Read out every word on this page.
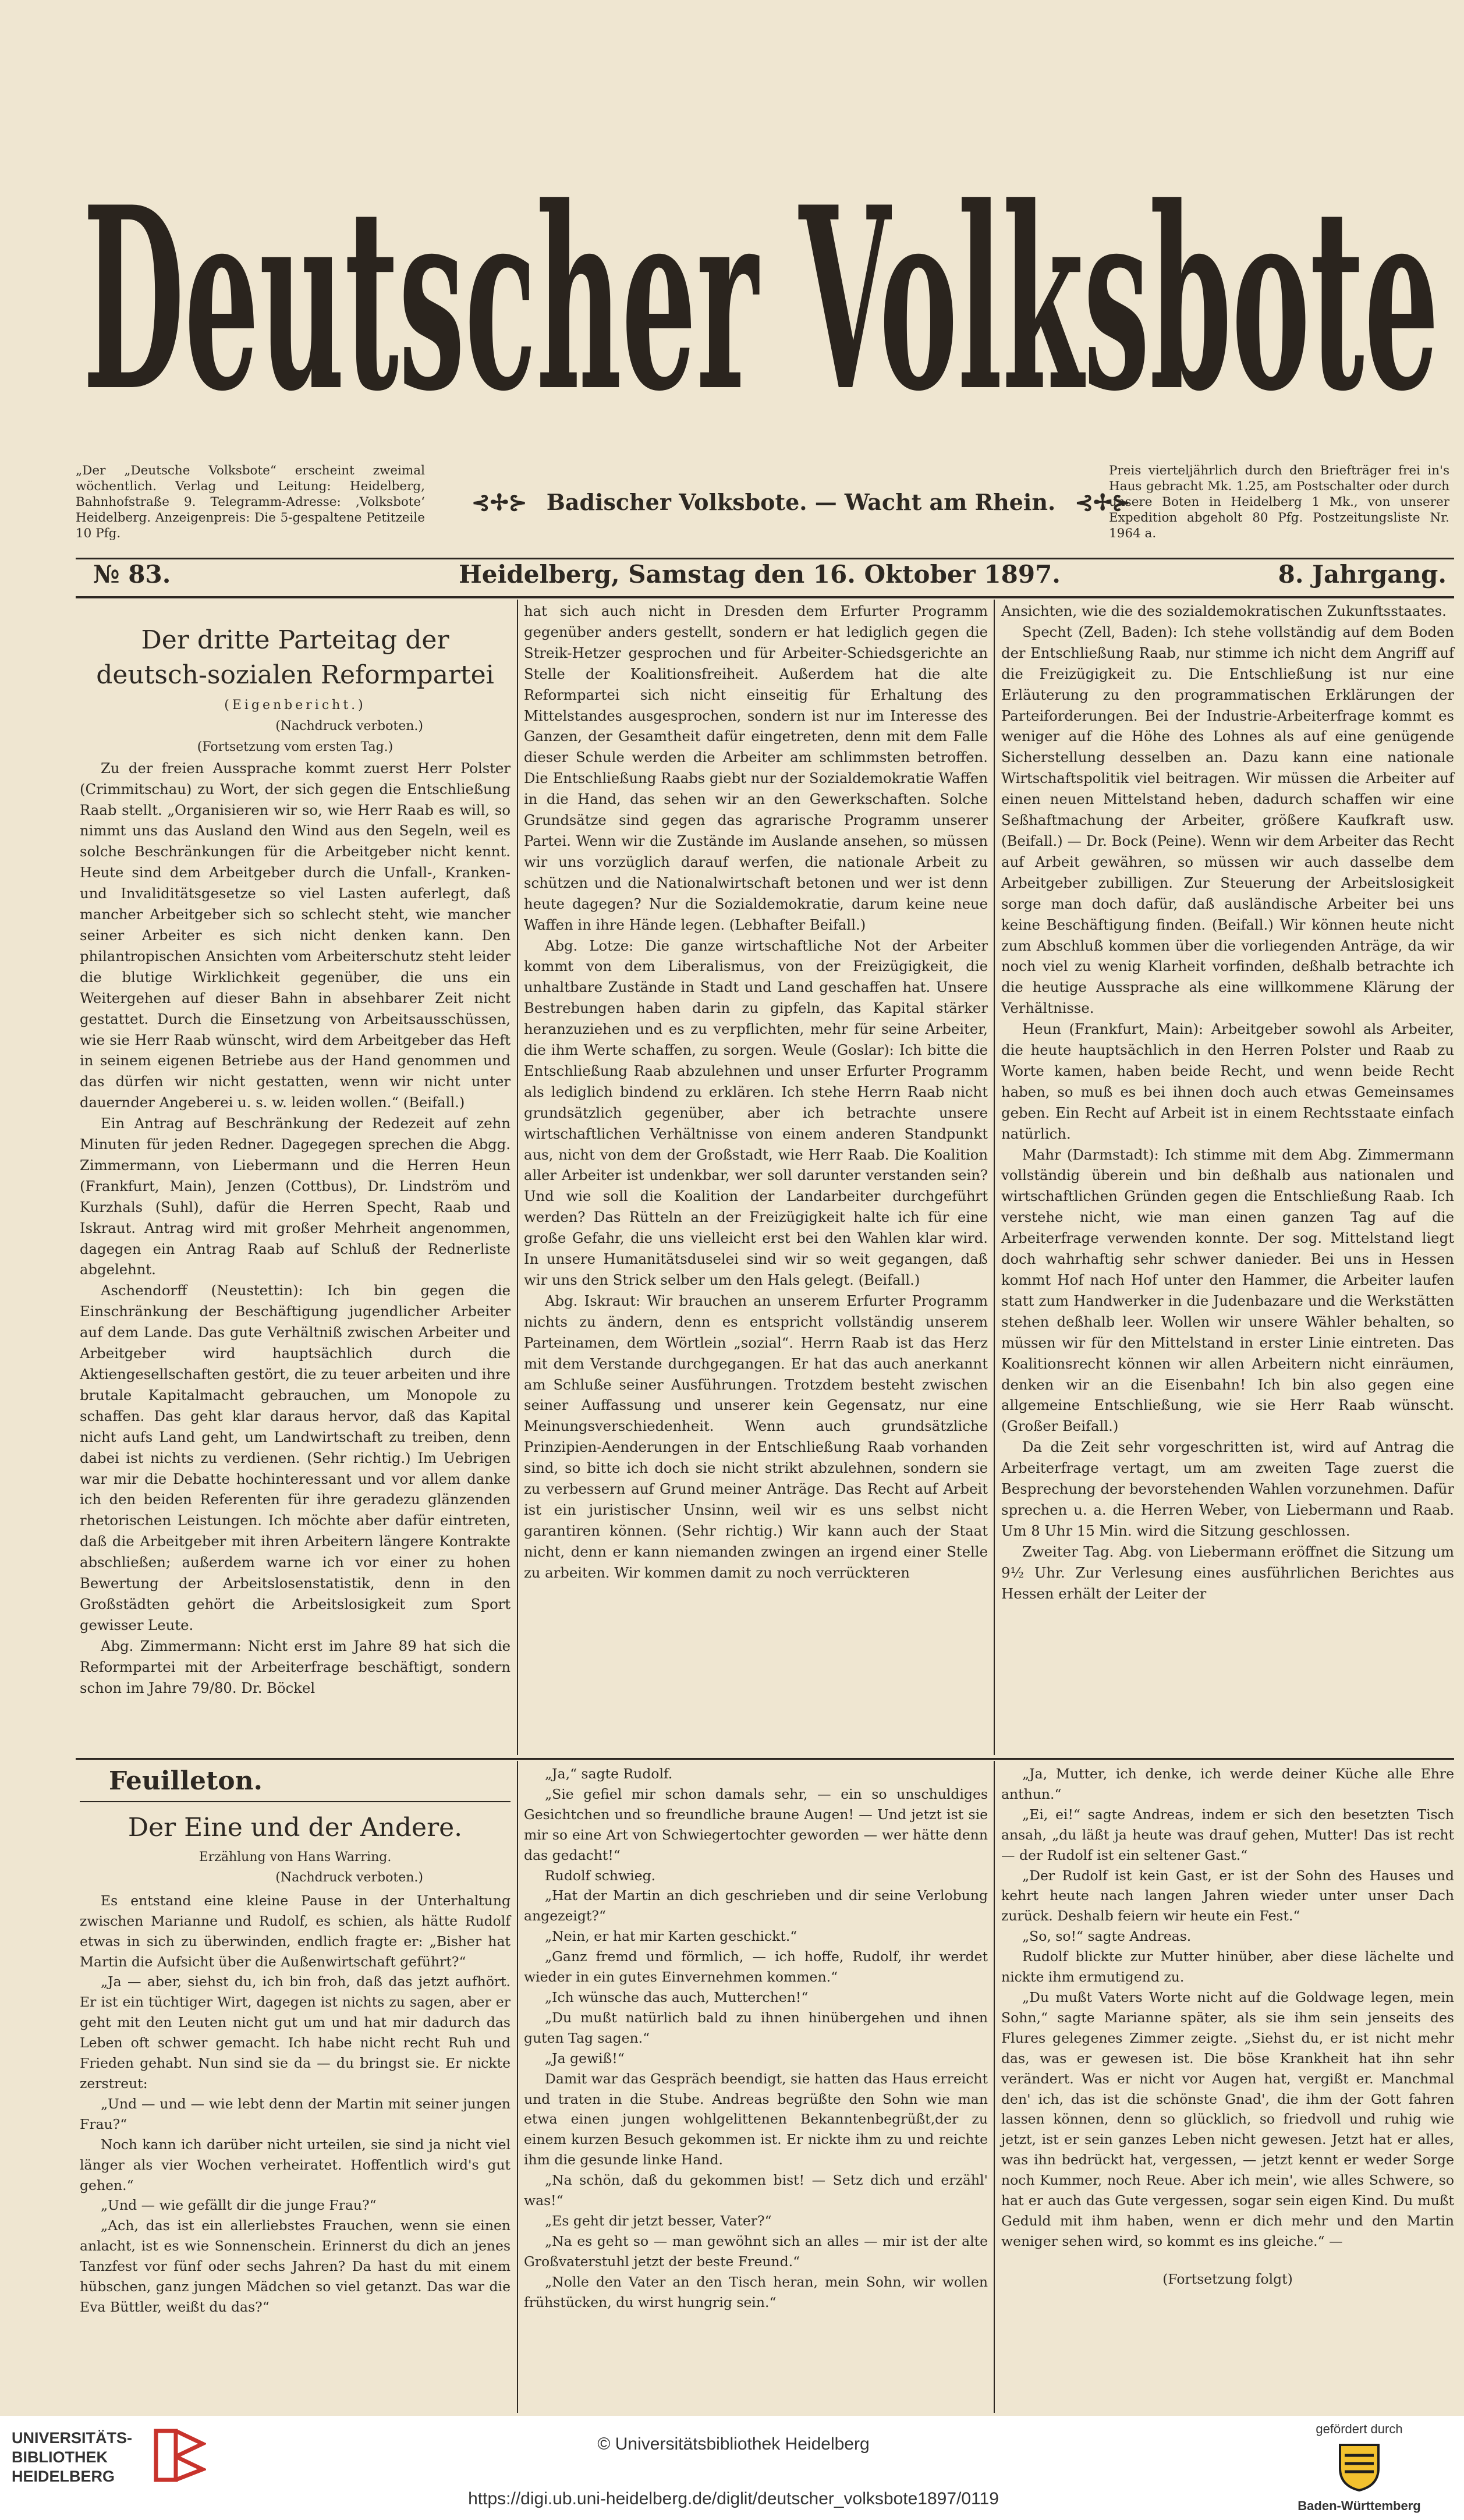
Deutscher Volksbote
„Der „Deutsche Volksbote“ erscheint zweimal wöchentlich. Verlag und Leitung: Heidelberg, Bahnhofstraße 9. Telegramm-Adresse: ‚Volksbote‘ Heidelberg. Anzeigenpreis: Die 5-gespaltene Petitzeile 10 Pfg.
⊰✢⊱ Badischer Volksbote. — Wacht am Rhein. ⊰✢⊱
Preis vierteljährlich durch den Briefträger frei in's Haus gebracht Mk. 1.25, am Postschalter oder durch unsere Boten in Heidelberg 1 Mk., von unserer Expedition abgeholt 80 Pfg. Postzeitungsliste Nr. 1964 a.
№ 83.	Heidelberg, Samstag den 16. Oktober 1897.	8. Jahrgang.
Der dritte Parteitag der deutsch-sozialen Reformpartei
(Eigenbericht.)
(Nachdruck verboten.)
(Fortsetzung vom ersten Tag.)

Zu der freien Aussprache kommt zuerst Herr Polster (Crimmitschau) zu Wort, der sich gegen die Entschließung Raab stellt. „Organisieren wir so, wie Herr Raab es will, so nimmt uns das Ausland den Wind aus den Segeln, weil es solche Beschränkungen für die Arbeitgeber nicht kennt. Heute sind dem Arbeitgeber durch die Unfall-, Kranken- und Invaliditätsgesetze so viel Lasten auferlegt, daß mancher Arbeitgeber sich so schlecht steht, wie mancher seiner Arbeiter es sich nicht denken kann. Den philantropischen Ansichten vom Arbeiterschutz steht leider die blutige Wirklichkeit gegenüber, die uns ein Weitergehen auf dieser Bahn in absehbarer Zeit nicht gestattet. Durch die Einsetzung von Arbeitsausschüssen, wie sie Herr Raab wünscht, wird dem Arbeitgeber das Heft in seinem eigenen Betriebe aus der Hand genommen und das dürfen wir nicht gestatten, wenn wir nicht unter dauernder Angeberei u. s. w. leiden wollen.“ (Beifall.)

Ein Antrag auf Beschränkung der Redezeit auf zehn Minuten für jeden Redner. Dagegegen sprechen die Abgg. Zimmermann, von Liebermann und die Herren Heun (Frankfurt, Main), Jenzen (Cottbus), Dr. Lindström und Kurzhals (Suhl), dafür die Herren Specht, Raab und Iskraut. Antrag wird mit großer Mehrheit angenommen, dagegen ein Antrag Raab auf Schluß der Rednerliste abgelehnt.

Aschendorff (Neustettin): Ich bin gegen die Einschränkung der Beschäftigung jugendlicher Arbeiter auf dem Lande. Das gute Verhältniß zwischen Arbeiter und Arbeitgeber wird hauptsächlich durch die Aktiengesellschaften gestört, die zu teuer arbeiten und ihre brutale Kapitalmacht gebrauchen, um Monopole zu schaffen. Das geht klar daraus hervor, daß das Kapital nicht aufs Land geht, um Landwirtschaft zu treiben, denn dabei ist nichts zu verdienen. (Sehr richtig.) Im Uebrigen war mir die Debatte hochinteressant und vor allem danke ich den beiden Referenten für ihre geradezu glänzenden rhetorischen Leistungen. Ich möchte aber dafür eintreten, daß die Arbeitgeber mit ihren Arbeitern längere Kontrakte abschließen; außerdem warne ich vor einer zu hohen Bewertung der Arbeitslosenstatistik, denn in den Großstädten gehört die Arbeitslosigkeit zum Sport gewisser Leute.

Abg. Zimmermann: Nicht erst im Jahre 89 hat sich die Reformpartei mit der Arbeiterfrage beschäftigt, sondern schon im Jahre 79/80. Dr. Böckel

hat sich auch nicht in Dresden dem Erfurter Programm gegenüber anders gestellt, sondern er hat lediglich gegen die Streik-Hetzer gesprochen und für Arbeiter-Schiedsgerichte an Stelle der Koalitionsfreiheit. Außerdem hat die alte Reformpartei sich nicht einseitig für Erhaltung des Mittelstandes ausgesprochen, sondern ist nur im Interesse des Ganzen, der Gesamtheit dafür eingetreten, denn mit dem Falle dieser Schule werden die Arbeiter am schlimmsten betroffen. Die Entschließung Raabs giebt nur der Sozialdemokratie Waffen in die Hand, das sehen wir an den Gewerkschaften. Solche Grundsätze sind gegen das agrarische Programm unserer Partei. Wenn wir die Zustände im Auslande ansehen, so müssen wir uns vorzüglich darauf werfen, die nationale Arbeit zu schützen und die Nationalwirtschaft betonen und wer ist denn heute dagegen? Nur die Sozialdemokratie, darum keine neue Waffen in ihre Hände legen. (Lebhafter Beifall.)

Abg. Lotze: Die ganze wirtschaftliche Not der Arbeiter kommt von dem Liberalismus, von der Freizügigkeit, die unhaltbare Zustände in Stadt und Land geschaffen hat. Unsere Bestrebungen haben darin zu gipfeln, das Kapital stärker heranzuziehen und es zu verpflichten, mehr für seine Arbeiter, die ihm Werte schaffen, zu sorgen. Weule (Goslar): Ich bitte die Entschließung Raab abzulehnen und unser Erfurter Programm als lediglich bindend zu erklären. Ich stehe Herrn Raab nicht grundsätzlich gegenüber, aber ich betrachte unsere wirtschaftlichen Verhältnisse von einem anderen Standpunkt aus, nicht von dem der Großstadt, wie Herr Raab. Die Koalition aller Arbeiter ist undenkbar, wer soll darunter verstanden sein? Und wie soll die Koalition der Landarbeiter durchgeführt werden? Das Rütteln an der Freizügigkeit halte ich für eine große Gefahr, die uns vielleicht erst bei den Wahlen klar wird. In unsere Humanitätsduselei sind wir so weit gegangen, daß wir uns den Strick selber um den Hals gelegt. (Beifall.)

Abg. Iskraut: Wir brauchen an unserem Erfurter Programm nichts zu ändern, denn es entspricht vollständig unserem Parteinamen, dem Wörtlein „sozial“. Herrn Raab ist das Herz mit dem Verstande durchgegangen. Er hat das auch anerkannt am Schluße seiner Ausführungen. Trotzdem besteht zwischen seiner Auffassung und unserer kein Gegensatz, nur eine Meinungsverschiedenheit. Wenn auch grundsätzliche Prinzipien-Aenderungen in der Entschließung Raab vorhanden sind, so bitte ich doch sie nicht strikt abzulehnen, sondern sie zu verbessern auf Grund meiner Anträge. Das Recht auf Arbeit ist ein juristischer Unsinn, weil wir es uns selbst nicht garantiren können. (Sehr richtig.) Wir kann auch der Staat nicht, denn er kann niemanden zwingen an irgend einer Stelle zu arbeiten. Wir kommen damit zu noch verrückteren

Ansichten, wie die des sozialdemokratischen Zukunftsstaates.

Specht (Zell, Baden): Ich stehe vollständig auf dem Boden der Entschließung Raab, nur stimme ich nicht dem Angriff auf die Freizügigkeit zu. Die Entschließung ist nur eine Erläuterung zu den programmatischen Erklärungen der Parteiforderungen. Bei der Industrie-Arbeiterfrage kommt es weniger auf die Höhe des Lohnes als auf eine genügende Sicherstellung desselben an. Dazu kann eine nationale Wirtschaftspolitik viel beitragen. Wir müssen die Arbeiter auf einen neuen Mittelstand heben, dadurch schaffen wir eine Seßhaftmachung der Arbeiter, größere Kaufkraft usw. (Beifall.) — Dr. Bock (Peine). Wenn wir dem Arbeiter das Recht auf Arbeit gewähren, so müssen wir auch dasselbe dem Arbeitgeber zubilligen. Zur Steuerung der Arbeitslosigkeit sorge man doch dafür, daß ausländische Arbeiter bei uns keine Beschäftigung finden. (Beifall.) Wir können heute nicht zum Abschluß kommen über die vorliegenden Anträge, da wir noch viel zu wenig Klarheit vorfinden, deßhalb betrachte ich die heutige Aussprache als eine willkommene Klärung der Verhältnisse.

Heun (Frankfurt, Main): Arbeitgeber sowohl als Arbeiter, die heute hauptsächlich in den Herren Polster und Raab zu Worte kamen, haben beide Recht, und wenn beide Recht haben, so muß es bei ihnen doch auch etwas Gemeinsames geben. Ein Recht auf Arbeit ist in einem Rechtsstaate einfach natürlich.

Mahr (Darmstadt): Ich stimme mit dem Abg. Zimmermann vollständig überein und bin deßhalb aus nationalen und wirtschaftlichen Gründen gegen die Entschließung Raab. Ich verstehe nicht, wie man einen ganzen Tag auf die Arbeiterfrage verwenden konnte. Der sog. Mittelstand liegt doch wahrhaftig sehr schwer danieder. Bei uns in Hessen kommt Hof nach Hof unter den Hammer, die Arbeiter laufen statt zum Handwerker in die Judenbazare und die Werkstätten stehen deßhalb leer. Wollen wir unsere Wähler behalten, so müssen wir für den Mittelstand in erster Linie eintreten. Das Koalitionsrecht können wir allen Arbeitern nicht einräumen, denken wir an die Eisenbahn! Ich bin also gegen eine allgemeine Entschließung, wie sie Herr Raab wünscht. (Großer Beifall.)

Da die Zeit sehr vorgeschritten ist, wird auf Antrag die Arbeiterfrage vertagt, um am zweiten Tage zuerst die Besprechung der bevorstehenden Wahlen vorzunehmen. Dafür sprechen u. a. die Herren Weber, von Liebermann und Raab. Um 8 Uhr 15 Min. wird die Sitzung geschlossen.

Zweiter Tag. Abg. von Liebermann eröffnet die Sitzung um 9½ Uhr. Zur Verlesung eines ausführlichen Berichtes aus Hessen erhält der Leiter der

Feuilleton.
Der Eine und der Andere.
Erzählung von Hans Warring.
(Nachdruck verboten.)

Es entstand eine kleine Pause in der Unterhaltung zwischen Marianne und Rudolf, es schien, als hätte Rudolf etwas in sich zu überwinden, endlich fragte er: „Bisher hat Martin die Aufsicht über die Außenwirtschaft geführt?“

„Ja — aber, siehst du, ich bin froh, daß das jetzt aufhört. Er ist ein tüchtiger Wirt, dagegen ist nichts zu sagen, aber er geht mit den Leuten nicht gut um und hat mir dadurch das Leben oft schwer gemacht. Ich habe nicht recht Ruh und Frieden gehabt. Nun sind sie da — du bringst sie. Er nickte zerstreut:

„Und — und — wie lebt denn der Martin mit seiner jungen Frau?“

Noch kann ich darüber nicht urteilen, sie sind ja nicht viel länger als vier Wochen verheiratet. Hoffentlich wird's gut gehen.“

„Und — wie gefällt dir die junge Frau?“

„Ach, das ist ein allerliebstes Frauchen, wenn sie einen anlacht, ist es wie Sonnenschein. Erinnerst du dich an jenes Tanzfest vor fünf oder sechs Jahren? Da hast du mit einem hübschen, ganz jungen Mädchen so viel getanzt. Das war die Eva Büttler, weißt du das?“

„Ja,“ sagte Rudolf.

„Sie gefiel mir schon damals sehr, — ein so unschuldiges Gesichtchen und so freundliche braune Augen! — Und jetzt ist sie mir so eine Art von Schwiegertochter geworden — wer hätte denn das gedacht!“

Rudolf schwieg.

„Hat der Martin an dich geschrieben und dir seine Verlobung angezeigt?“

„Nein, er hat mir Karten geschickt.“

„Ganz fremd und förmlich, — ich hoffe, Rudolf, ihr werdet wieder in ein gutes Einvernehmen kommen.“

„Ich wünsche das auch, Mutterchen!“

„Du mußt natürlich bald zu ihnen hinübergehen und ihnen guten Tag sagen.“

„Ja gewiß!“

Damit war das Gespräch beendigt, sie hatten das Haus erreicht und traten in die Stube. Andreas begrüßte den Sohn wie man etwa einen jungen wohlgelittenen Bekanntenbegrüßt,der zu einem kurzen Besuch gekommen ist. Er nickte ihm zu und reichte ihm die gesunde linke Hand.

„Na schön, daß du gekommen bist! — Setz dich und erzähl' was!“

„Es geht dir jetzt besser, Vater?“

„Na es geht so — man gewöhnt sich an alles — mir ist der alte Großvaterstuhl jetzt der beste Freund.“

„Nolle den Vater an den Tisch heran, mein Sohn, wir wollen frühstücken, du wirst hungrig sein.“

„Ja, Mutter, ich denke, ich werde deiner Küche alle Ehre anthun.“

„Ei, ei!“ sagte Andreas, indem er sich den besetzten Tisch ansah, „du läßt ja heute was drauf gehen, Mutter! Das ist recht — der Rudolf ist ein seltener Gast.“

„Der Rudolf ist kein Gast, er ist der Sohn des Hauses und kehrt heute nach langen Jahren wieder unter unser Dach zurück. Deshalb feiern wir heute ein Fest.“

„So, so!“ sagte Andreas.

Rudolf blickte zur Mutter hinüber, aber diese lächelte und nickte ihm ermutigend zu.

„Du mußt Vaters Worte nicht auf die Goldwage legen, mein Sohn,“ sagte Marianne später, als sie ihm sein jenseits des Flures gelegenes Zimmer zeigte. „Siehst du, er ist nicht mehr das, was er gewesen ist. Die böse Krankheit hat ihn sehr verändert. Was er nicht vor Augen hat, vergißt er. Manchmal den' ich, das ist die schönste Gnad', die ihm der Gott fahren lassen können, denn so glücklich, so friedvoll und ruhig wie jetzt, ist er sein ganzes Leben nicht gewesen. Jetzt hat er alles, was ihn bedrückt hat, vergessen, — jetzt kennt er weder Sorge noch Kummer, noch Reue. Aber ich mein', wie alles Schwere, so hat er auch das Gute vergessen, sogar sein eigen Kind. Du mußt Geduld mit ihm haben, wenn er dich mehr und den Martin weniger sehen wird, so kommt es ins gleiche.“ —

(Fortsetzung folgt)
UNIVERSITÄTS-
BIBLIOTHEK
HEIDELBERG
© Universitätsbibliothek Heidelberg
https://digi.ub.uni-heidelberg.de/diglit/deutscher_volksbote1897/0119
gefördert durch
Baden-Württemberg
